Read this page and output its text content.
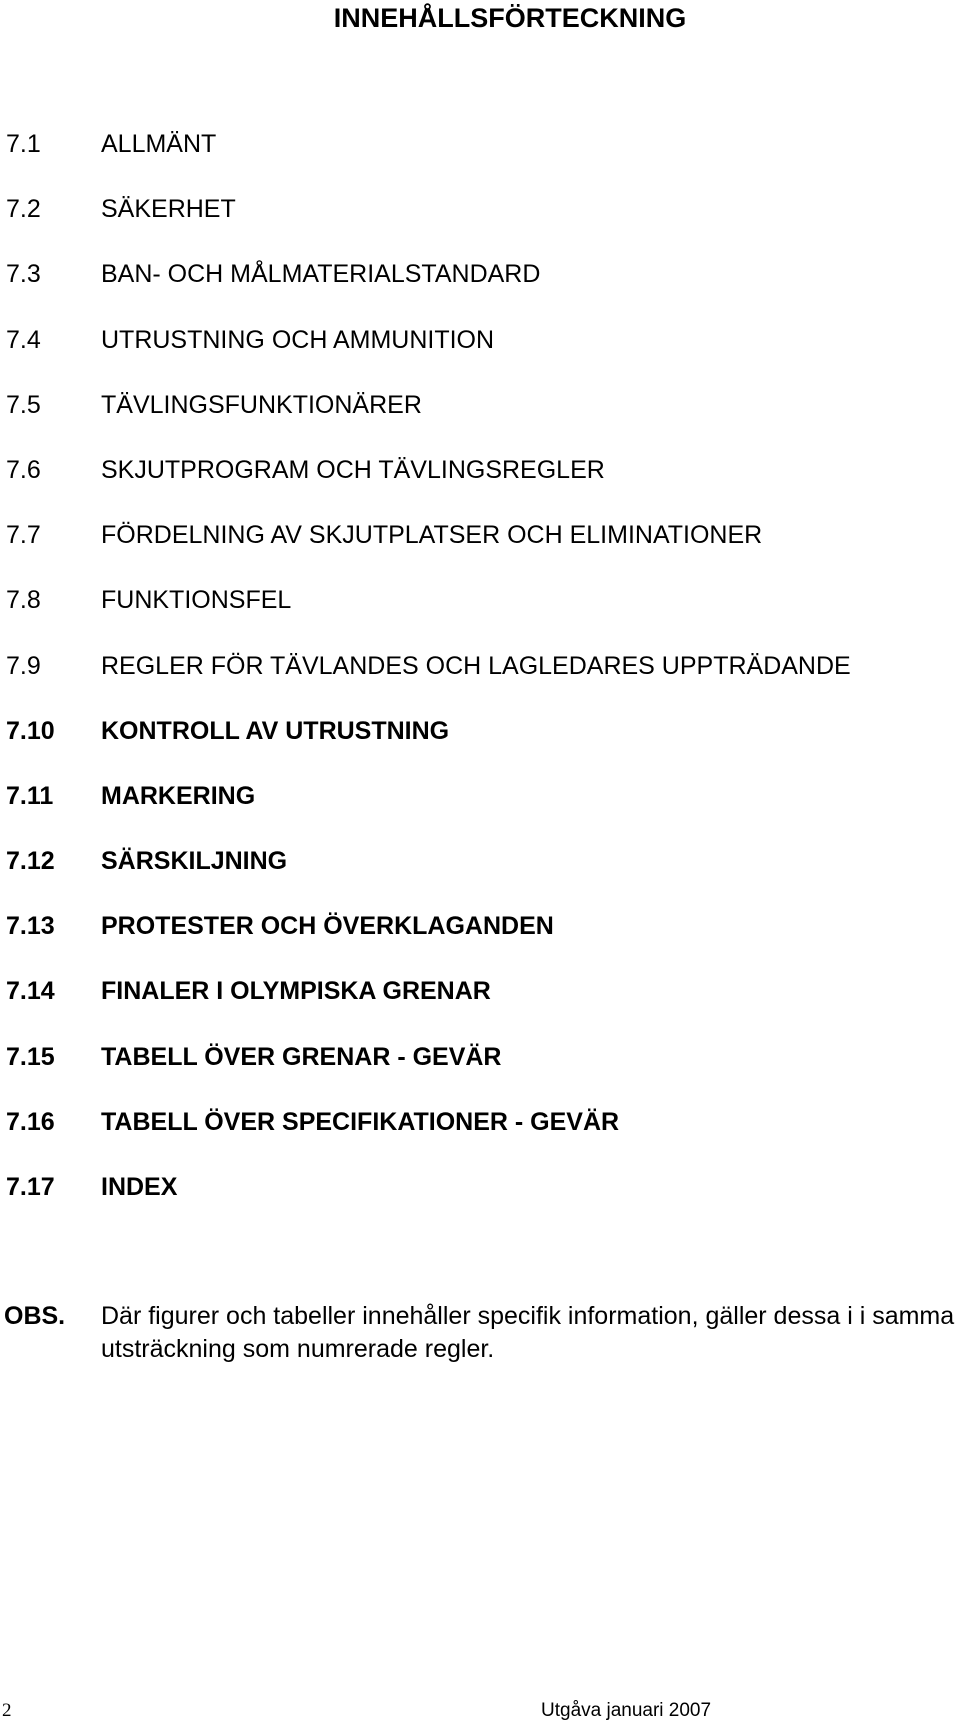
INNEHÅLLSFÖRTECKNING
7.1 ALLMÄNT
7.2 SÄKERHET
7.3 BAN- OCH MÅLMATERIALSTANDARD
7.4 UTRUSTNING OCH AMMUNITION
7.5 TÄVLINGSFUNKTIONÄRER
7.6 SKJUTPROGRAM OCH TÄVLINGSREGLER
7.7 FÖRDELNING AV SKJUTPLATSER OCH ELIMINATIONER
7.8 FUNKTIONSFEL
7.9 REGLER FÖR TÄVLANDES OCH LAGLEDARES UPPTRÄDANDE
7.10 KONTROLL AV UTRUSTNING
7.11 MARKERING
7.12 SÄRSKILJNING
7.13 PROTESTER OCH ÖVERKLAGANDEN
7.14 FINALER I OLYMPISKA GRENAR
7.15 TABELL ÖVER GRENAR - GEVÄR
7.16 TABELL ÖVER SPECIFIKATIONER - GEVÄR
7.17 INDEX
OBS. Där figurer och tabeller innehåller specifik information, gäller dessa i i samma utsträckning som numrerade regler.
2	Utgåva januari 2007
